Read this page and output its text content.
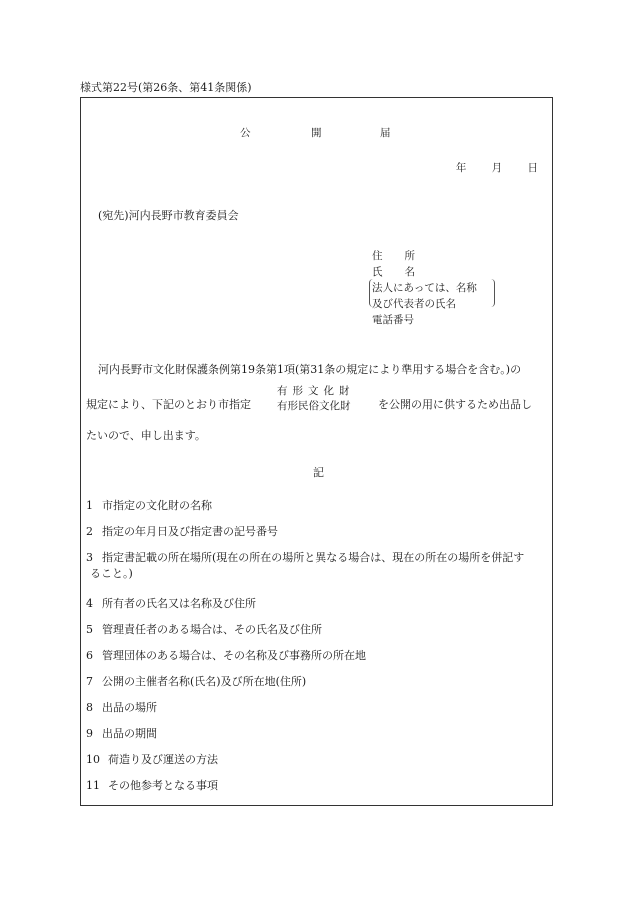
様式第22号(第26条、第41条関係)
公	開	届
年 月 日
(宛先)河内長野市教育委員会
住 所
氏 名
法人にあっては、名称
及び代表者の氏名
電話番号
河内長野市文化財保護条例第19条第1項(第31条の規定により準用する場合を含む。)の
規定により、下記のとおり市指定
有形文化財
有形民俗文化財	を公開の用に供するため出品し
たいので、申し出ます。
記
1 市指定の文化財の名称
2 指定の年月日及び指定書の記号番号
3 指定書記載の所在場所(現在の所在の場所と異なる場合は、現在の所在の場所を併記す
ること。)
4 所有者の氏名又は名称及び住所
5 管理責任者のある場合は、その氏名及び住所
6 管理団体のある場合は、その名称及び事務所の所在地
7 公開の主催者名称(氏名)及び所在地(住所)
8 出品の場所
9 出品の期間
10 荷造り及び運送の方法
11 その他参考となる事項
